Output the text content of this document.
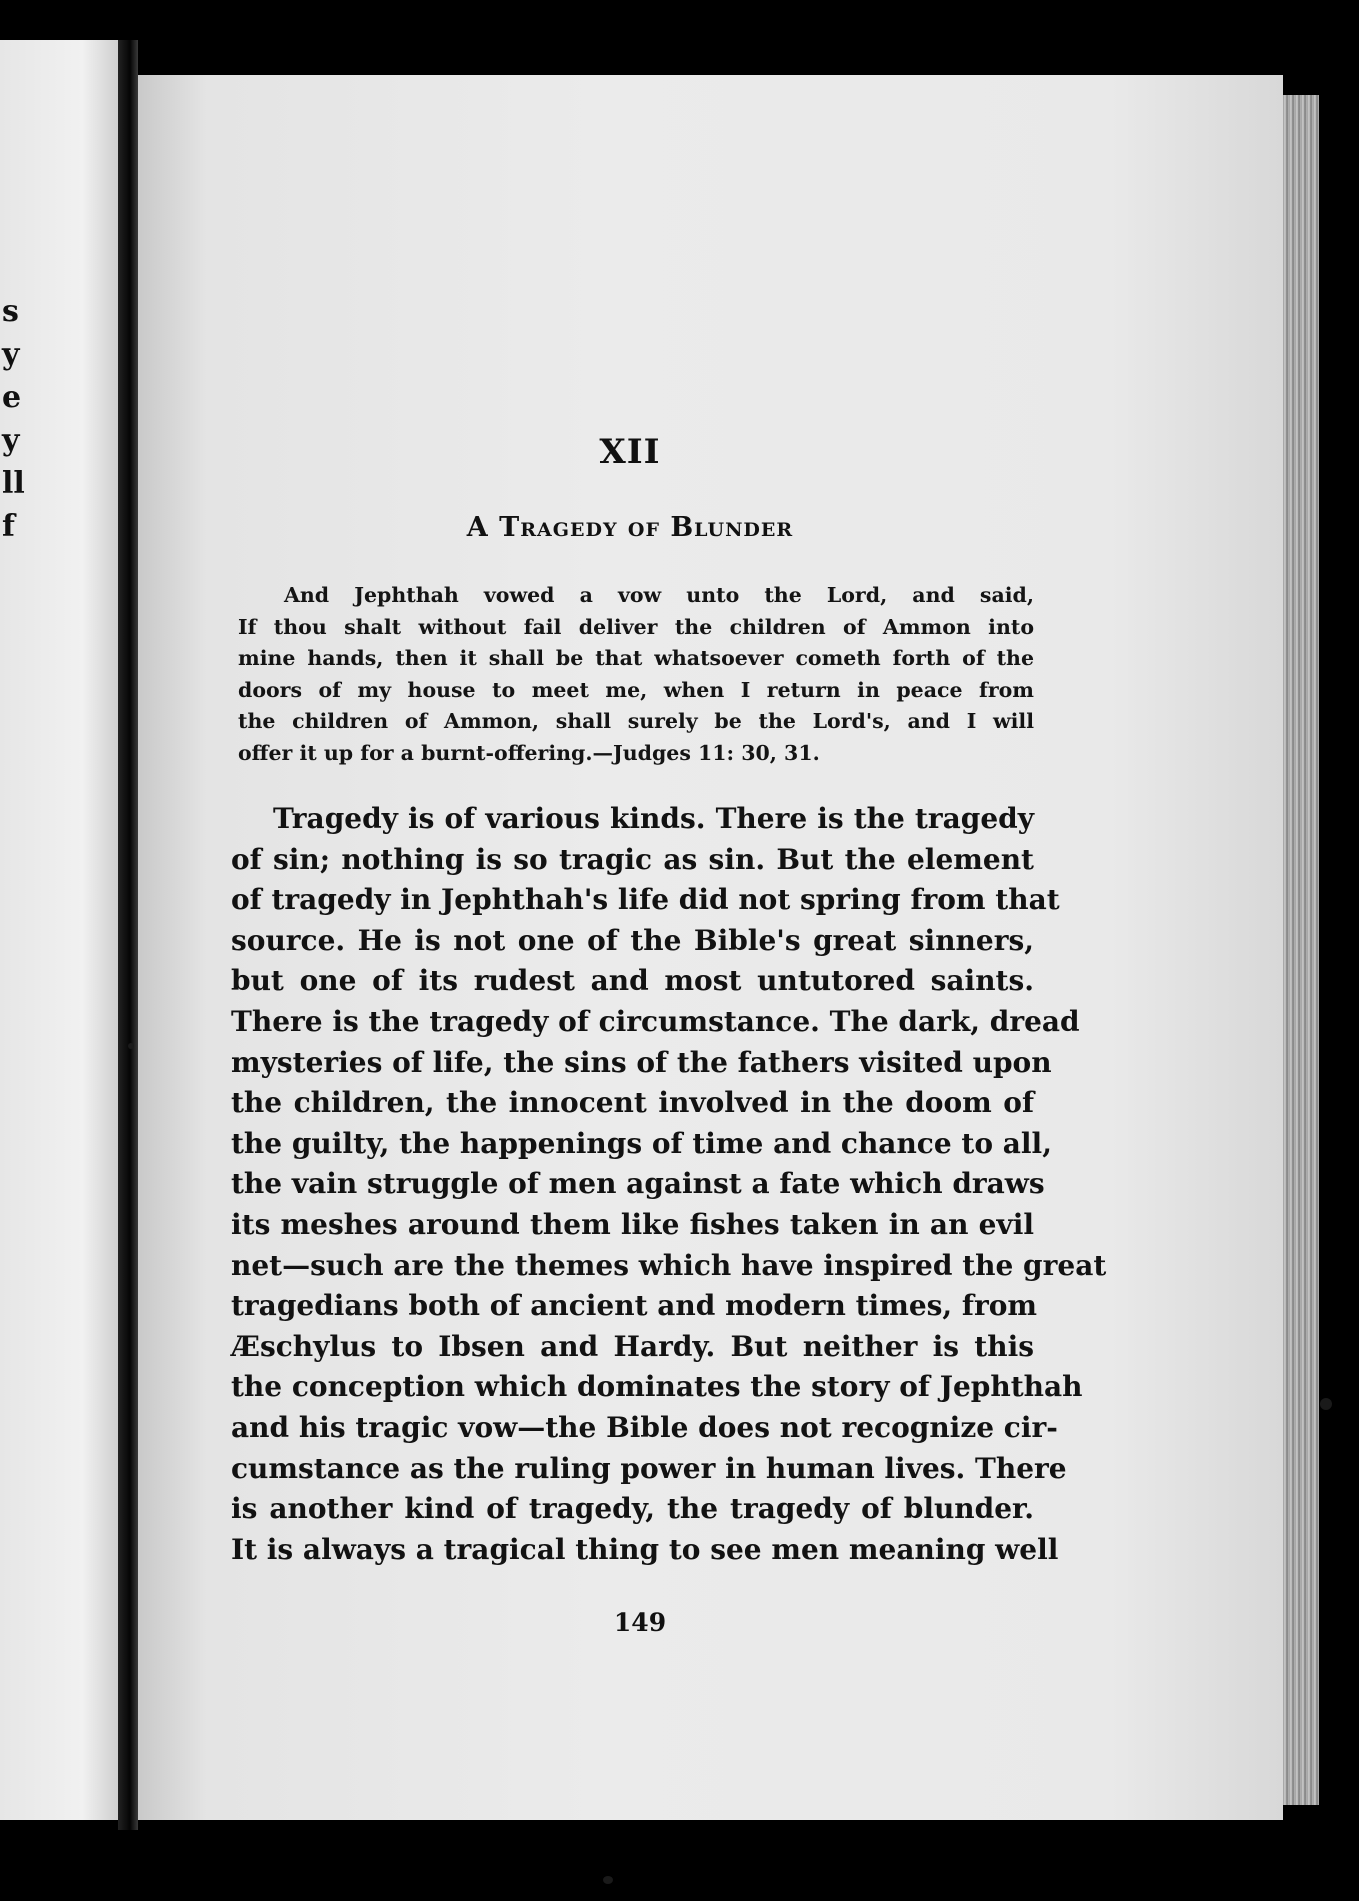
s
y
e
y
ll
f
XII
A Tragedy of Blunder
And Jephthah vowed a vow unto the Lord, and said,
If thou shalt without fail deliver the children of Ammon into
mine hands, then it shall be that whatsoever cometh forth of the
doors of my house to meet me, when I return in peace from
the children of Ammon, shall surely be the Lord's, and I will
offer it up for a burnt-offering.—Judges 11: 30, 31.
Tragedy is of various kinds. There is the tragedy
of sin; nothing is so tragic as sin. But the element
of tragedy in Jephthah's life did not spring from that
source. He is not one of the Bible's great sinners,
but one of its rudest and most untutored saints.
There is the tragedy of circumstance. The dark, dread
mysteries of life, the sins of the fathers visited upon
the children, the innocent involved in the doom of
the guilty, the happenings of time and chance to all,
the vain struggle of men against a fate which draws
its meshes around them like fishes taken in an evil
net—such are the themes which have inspired the great
tragedians both of ancient and modern times, from
Æschylus to Ibsen and Hardy. But neither is this
the conception which dominates the story of Jephthah
and his tragic vow—the Bible does not recognize cir-
cumstance as the ruling power in human lives. There
is another kind of tragedy, the tragedy of blunder.
It is always a tragical thing to see men meaning well
149
